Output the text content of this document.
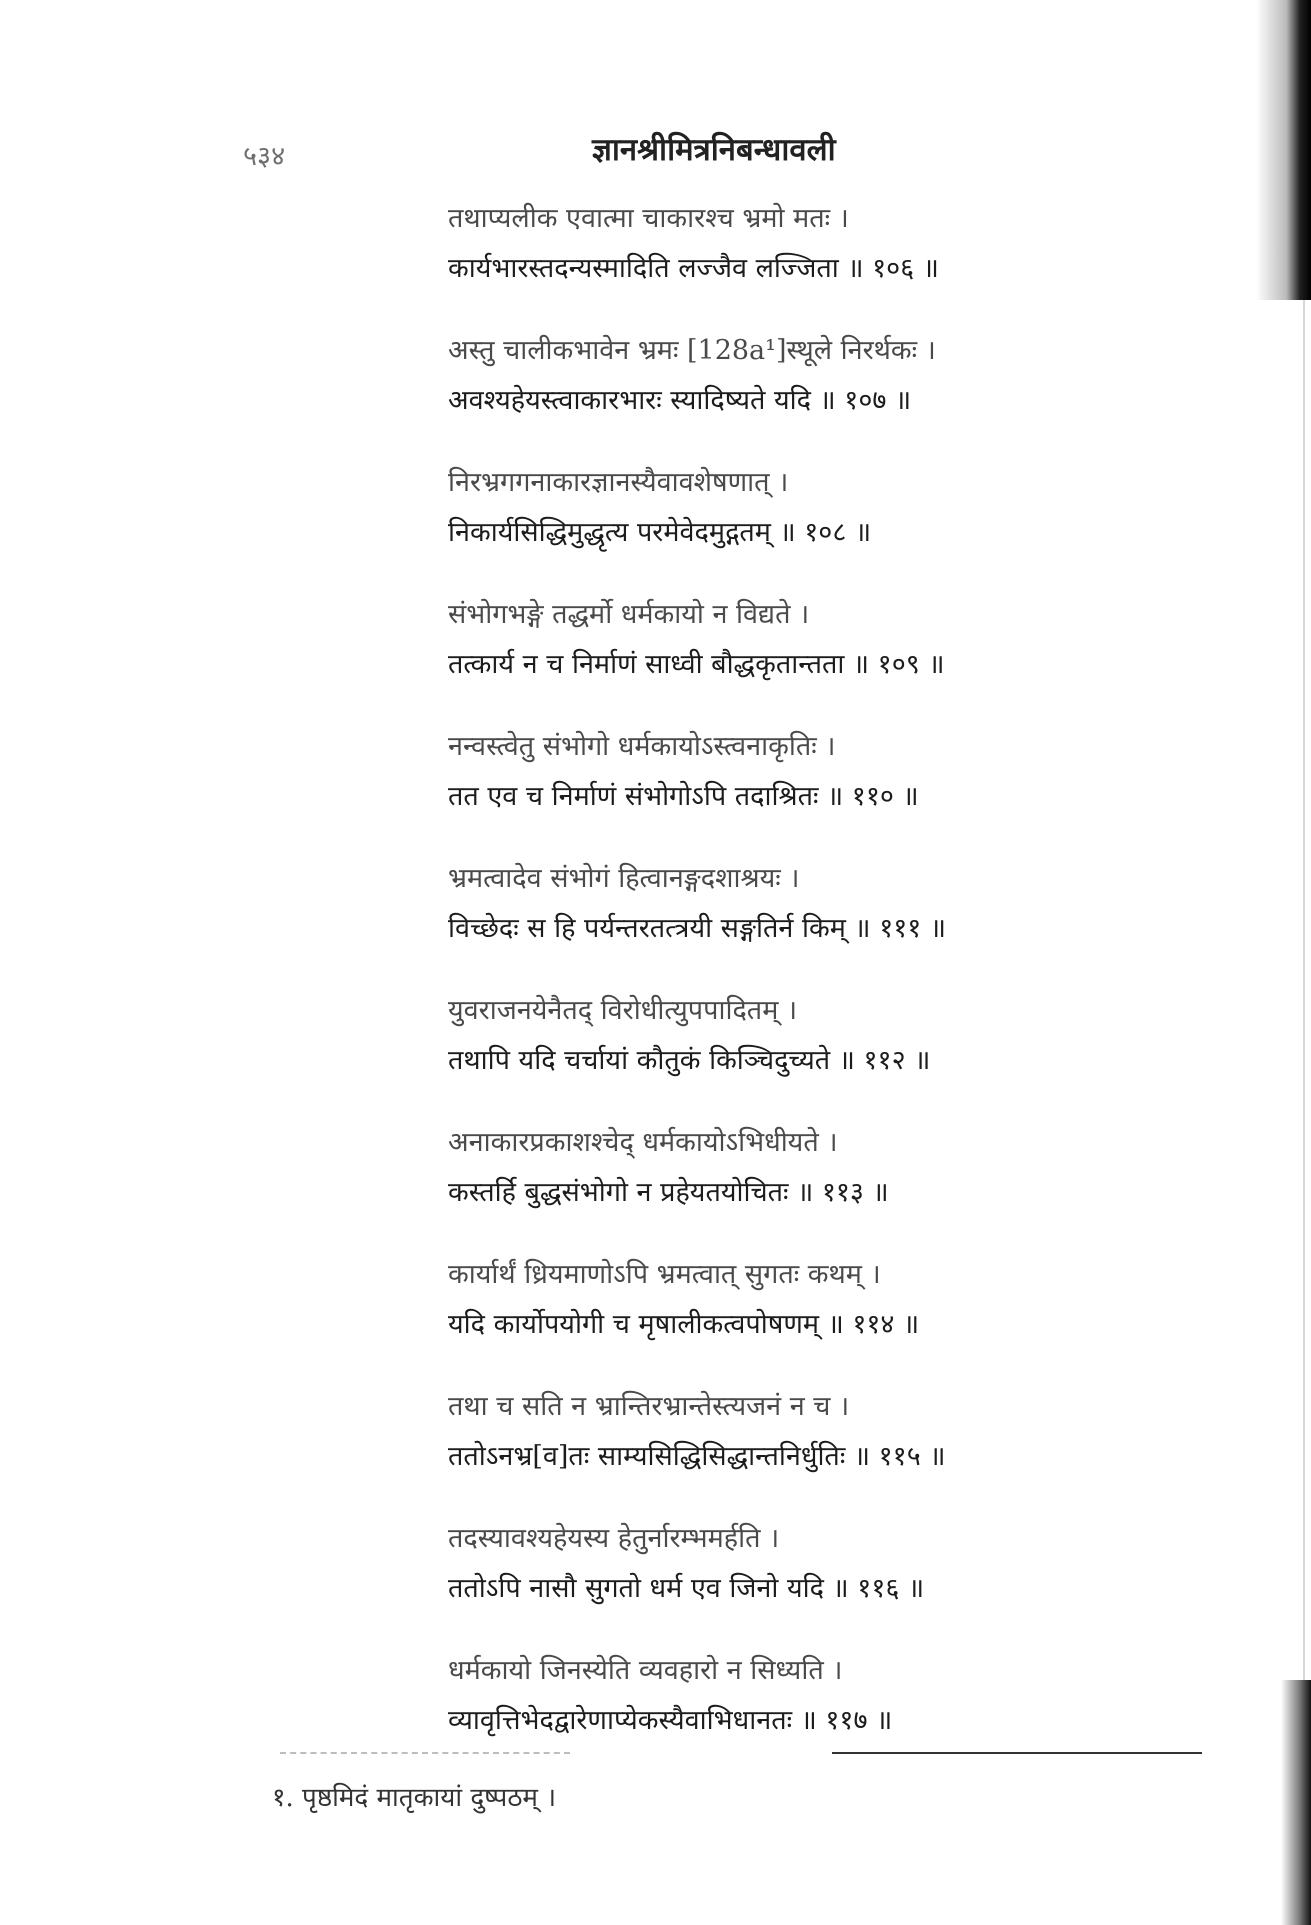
५३४	ज्ञानश्रीमित्रनिबन्धावली
तथाप्यलीक एवात्मा चाकारश्च भ्रमो मतः ।
कार्यभारस्तदन्यस्मादिति लज्जैव लज्जिता ॥ १०६ ॥
अस्तु चालीकभावेन भ्रमः [128a¹]स्थूले निरर्थकः ।
अवश्यहेयस्त्वाकारभारः स्यादिष्यते यदि ॥ १०७ ॥
निरभ्रगगनाकारज्ञानस्यैवावशेषणात् ।
निकार्यसिद्धिमुद्धृत्य परमेवेदमुद्गतम् ॥ १०८ ॥
संभोगभङ्गे तद्धर्मो धर्मकायो न विद्यते ।
तत्कार्य न च निर्माणं साध्वी बौद्धकृतान्तता ॥ १०९ ॥
नन्वस्त्वेतु संभोगो धर्मकायोऽस्त्वनाकृतिः ।
तत एव च निर्माणं संभोगोऽपि तदाश्रितः ॥ ११० ॥
भ्रमत्वादेव संभोगं हित्वानङ्गदशाश्रयः ।
विच्छेदः स हि पर्यन्तरतत्त्रयी सङ्गतिर्न किम् ॥ १११ ॥
युवराजनयेनैतद् विरोधीत्युपपादितम् ।
तथापि यदि चर्चायां कौतुकं किञ्चिदुच्यते ॥ ११२ ॥
अनाकारप्रकाशश्चेद् धर्मकायोऽभिधीयते ।
कस्तर्हि बुद्धसंभोगो न प्रहेयतयोचितः ॥ ११३ ॥
कार्यार्थं ध्रियमाणोऽपि भ्रमत्वात् सुगतः कथम् ।
यदि कार्योपयोगी च मृषालीकत्वपोषणम् ॥ ११४ ॥
तथा च सति न भ्रान्तिरभ्रान्तेस्त्यजनं न च ।
ततोऽनभ्र[व]तः साम्यसिद्धिसिद्धान्तनिर्धुतिः ॥ ११५ ॥
तदस्यावश्यहेयस्य हेतुर्नारम्भमर्हति ।
ततोऽपि नासौ सुगतो धर्म एव जिनो यदि ॥ ११६ ॥
धर्मकायो जिनस्येति व्यवहारो न सिध्यति ।
व्यावृत्तिभेदद्वारेणाप्येकस्यैवाभिधानतः ॥ ११७ ॥
१. पृष्ठमिदं मातृकायां दुष्पठम् ।
